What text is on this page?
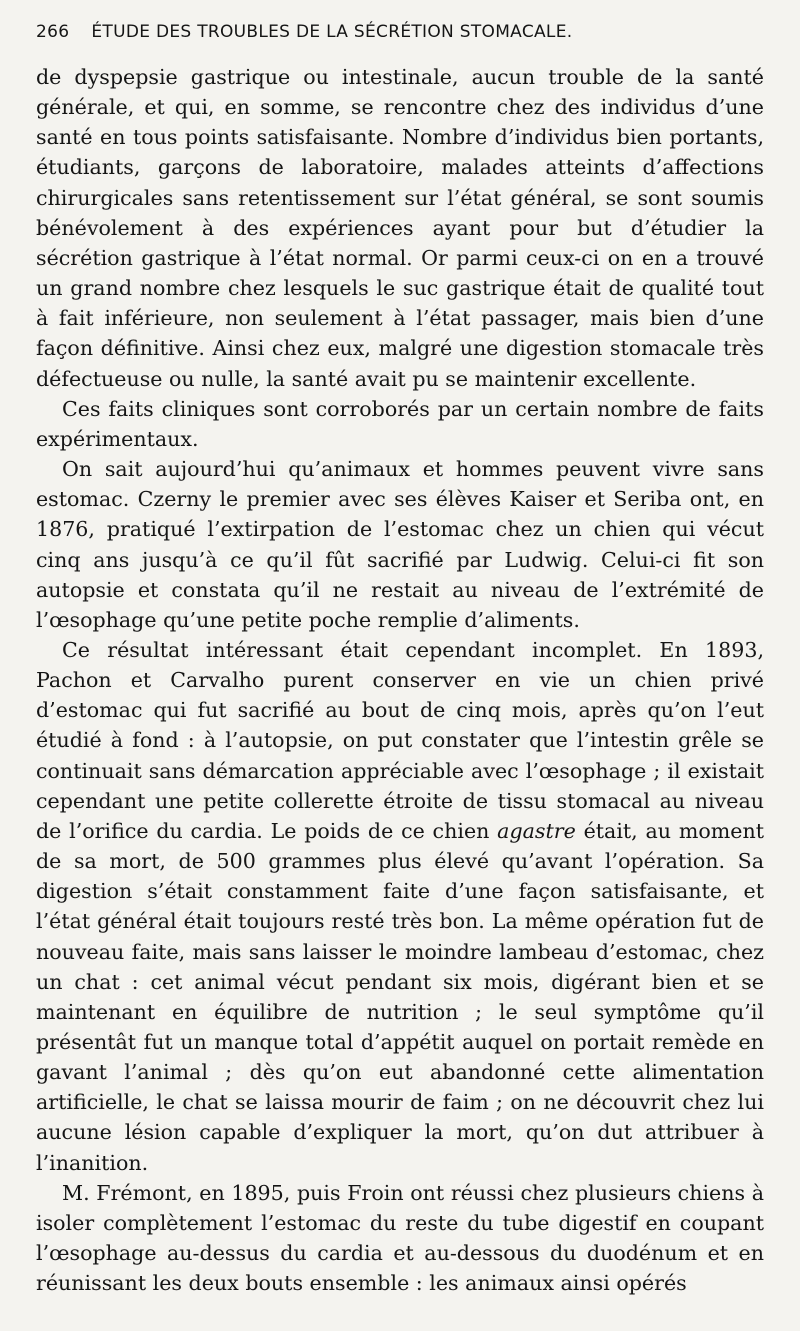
266 ÉTUDE DES TROUBLES DE LA SÉCRÉTION STOMACALE.

de dyspepsie gastrique ou intestinale, aucun trouble de la santé générale, et qui, en somme, se rencontre chez des individus d’une santé en tous points satisfaisante. Nombre d’individus bien portants, étudiants, garçons de laboratoire, malades atteints d’affections chirurgicales sans retentissement sur l’état général, se sont soumis bénévolement à des expériences ayant pour but d’étudier la sécrétion gastrique à l’état normal. Or parmi ceux-ci on en a trouvé un grand nombre chez lesquels le suc gastrique était de qualité tout à fait inférieure, non seulement à l’état passager, mais bien d’une façon définitive. Ainsi chez eux, malgré une digestion stomacale très défectueuse ou nulle, la santé avait pu se maintenir excellente.

Ces faits cliniques sont corroborés par un certain nombre de faits expérimentaux.

On sait aujourd’hui qu’animaux et hommes peuvent vivre sans estomac. Czerny le premier avec ses élèves Kaiser et Seriba ont, en 1876, pratiqué l’extirpation de l’estomac chez un chien qui vécut cinq ans jusqu’à ce qu’il fût sacrifié par Ludwig. Celui-ci fit son autopsie et constata qu’il ne restait au niveau de l’extrémité de l’œsophage qu’une petite poche remplie d’aliments.

Ce résultat intéressant était cependant incomplet. En 1893, Pachon et Carvalho purent conserver en vie un chien privé d’estomac qui fut sacrifié au bout de cinq mois, après qu’on l’eut étudié à fond : à l’autopsie, on put constater que l’intestin grêle se continuait sans démarcation appréciable avec l’œsophage ; il existait cependant une petite collerette étroite de tissu stomacal au niveau de l’orifice du cardia. Le poids de ce chien agastre était, au moment de sa mort, de 500 grammes plus élevé qu’avant l’opération. Sa digestion s’était constamment faite d’une façon satisfaisante, et l’état général était toujours resté très bon. La même opération fut de nouveau faite, mais sans laisser le moindre lambeau d’estomac, chez un chat : cet animal vécut pendant six mois, digérant bien et se maintenant en équilibre de nutrition ; le seul symptôme qu’il présentât fut un manque total d’appétit auquel on portait remède en gavant l’animal ; dès qu’on eut abandonné cette alimentation artificielle, le chat se laissa mourir de faim ; on ne découvrit chez lui aucune lésion capable d’expliquer la mort, qu’on dut attribuer à l’inanition.

M. Frémont, en 1895, puis Froin ont réussi chez plusieurs chiens à isoler complètement l’estomac du reste du tube digestif en coupant l’œsophage au-dessus du cardia et au-dessous du duodénum et en réunissant les deux bouts ensemble : les animaux ainsi opérés
